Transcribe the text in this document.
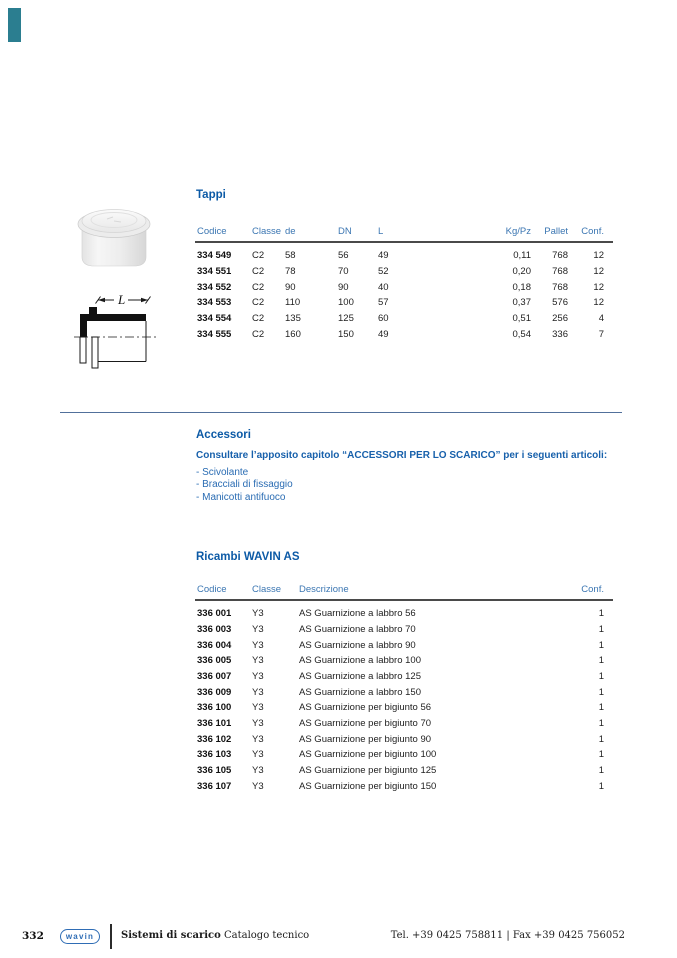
L
Tappi
Codice	Classe	de	DN	L	Kg/Pz	Pallet	Conf.
334 549	C2	58	56	49	0,11	768	12
334 551	C2	78	70	52	0,20	768	12
334 552	C2	90	90	40	0,18	768	12
334 553	C2	110	100	57	0,37	576	12
334 554	C2	135	125	60	0,51	256	4
334 555	C2	160	150	49	0,54	336	7
Accessori

Consultare l’apposito capitolo “ACCESSORI PER LO SCARICO” per i seguenti articoli:

- Scivolante
- Bracciali di fissaggio
- Manicotti antifuoco
Ricambi WAVIN AS
Codice	Classe	Descrizione	Conf.
336 001	Y3	AS Guarnizione a labbro 56	1
336 003	Y3	AS Guarnizione a labbro 70	1
336 004	Y3	AS Guarnizione a labbro 90	1
336 005	Y3	AS Guarnizione a labbro 100	1
336 007	Y3	AS Guarnizione a labbro 125	1
336 009	Y3	AS Guarnizione a labbro 150	1
336 100	Y3	AS Guarnizione per bigiunto 56	1
336 101	Y3	AS Guarnizione per bigiunto 70	1
336 102	Y3	AS Guarnizione per bigiunto 90	1
336 103	Y3	AS Guarnizione per bigiunto 100	1
336 105	Y3	AS Guarnizione per bigiunto 125	1
336 107	Y3	AS Guarnizione per bigiunto 150	1
332	wavin	Sistemi di scarico Catalogo tecnico	Tel. +39 0425 758811 | Fax +39 0425 756052
